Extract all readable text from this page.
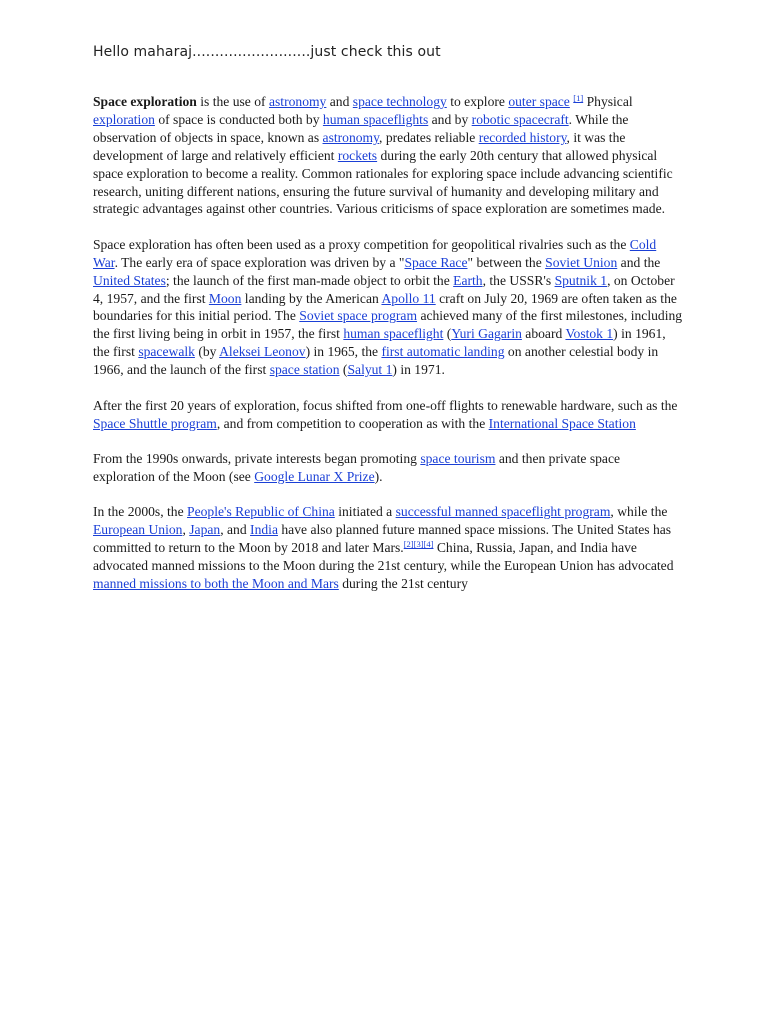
Hello maharaj..........................just check this out

Space exploration is the use of astronomy and space technology to explore outer space [1] Physical exploration of space is conducted both by human spaceflights and by robotic spacecraft. While the observation of objects in space, known as astronomy, predates reliable recorded history, it was the development of large and relatively efficient rockets during the early 20th century that allowed physical space exploration to become a reality. Common rationales for exploring space include advancing scientific research, uniting different nations, ensuring the future survival of humanity and developing military and strategic advantages against other countries. Various criticisms of space exploration are sometimes made.

Space exploration has often been used as a proxy competition for geopolitical rivalries such as the Cold War. The early era of space exploration was driven by a "Space Race" between the Soviet Union and the United States; the launch of the first man-made object to orbit the Earth, the USSR's Sputnik 1, on October 4, 1957, and the first Moon landing by the American Apollo 11 craft on July 20, 1969 are often taken as the boundaries for this initial period. The Soviet space program achieved many of the first milestones, including the first living being in orbit in 1957, the first human spaceflight (Yuri Gagarin aboard Vostok 1) in 1961, the first spacewalk (by Aleksei Leonov) in 1965, the first automatic landing on another celestial body in 1966, and the launch of the first space station (Salyut 1) in 1971.

After the first 20 years of exploration, focus shifted from one-off flights to renewable hardware, such as the Space Shuttle program, and from competition to cooperation as with the International Space Station

From the 1990s onwards, private interests began promoting space tourism and then private space exploration of the Moon (see Google Lunar X Prize).

In the 2000s, the People's Republic of China initiated a successful manned spaceflight program, while the European Union, Japan, and India have also planned future manned space missions. The United States has committed to return to the Moon by 2018 and later Mars.[2][3][4] China, Russia, Japan, and India have advocated manned missions to the Moon during the 21st century, while the European Union has advocated manned missions to both the Moon and Mars during the 21st century
